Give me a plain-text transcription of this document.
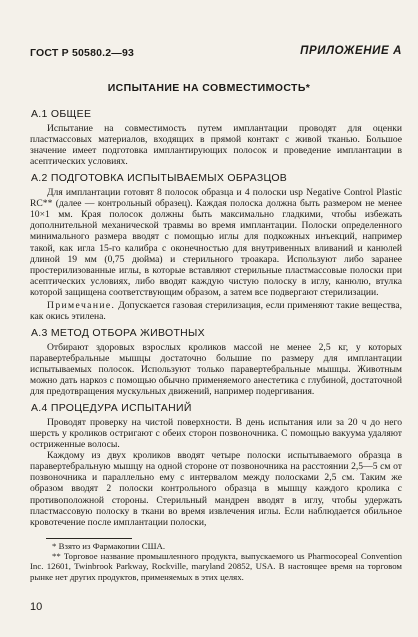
ГОСТ Р 50580.2—93	ПРИЛОЖЕНИЕ А
ИСПЫТАНИЕ НА СОВМЕСТИМОСТЬ*
А.1 ОБЩЕЕ

Испытание на совместимость путем имплантации проводят для оценки пластмассовых материалов, входящих в прямой контакт с живой тканью. Большое значение имеет подготовка имплантирующих полосок и проведение имплантации в асептических условиях.

А.2 ПОДГОТОВКА ИСПЫТЫВАЕМЫХ ОБРАЗЦОВ

Для имплантации готовят 8 полосок образца и 4 полоски usp Negative Control Plastic RC** (далее — контрольный образец). Каждая полоска должна быть размером не менее 10×1 мм. Края полосок должны быть максимально гладкими, чтобы избежать дополнительной механической травмы во время имплантации. Полоски определенного минимального размера вводят с помощью иглы для подкожных инъекций, например такой, как игла 15-го калибра с оконечностью для внутривенных вливаний и канюлей длиной 19 мм (0,75 дюйма) и стерильного троакара. Используют либо заранее простерилизованные иглы, в которые вставляют стерильные пластмассовые полоски при асептических условиях, либо вводят каждую чистую полоску в иглу, канюлю, втулка которой защищена соответствующим образом, а затем все подвергают стерилизации.

Примечание. Допускается газовая стерилизация, если применяют такие вещества, как окись этилена.

А.3 МЕТОД ОТБОРА ЖИВОТНЫХ

Отбирают здоровых взрослых кроликов массой не менее 2,5 кг, у которых паравертебральные мышцы достаточно большие по размеру для имплантации испытываемых полосок. Используют только паравертебральные мышцы. Животным можно дать наркоз с помощью обычно применяемого анестетика с глубиной, достаточной для предотвращения мускульных движений, например подергивания.

А.4 ПРОЦЕДУРА ИСПЫТАНИЙ

Проводят проверку на чистой поверхности. В день испытания или за 20 ч до него шерсть у кроликов остригают с обеих сторон позвоночника. С помощью вакуума удаляют остриженные волосы.

Каждому из двух кроликов вводят четыре полоски испытываемого образца в паравертебральную мышцу на одной стороне от позвоночника на расстоянии 2,5—5 см от позвоночника и параллельно ему с интервалом между полосками 2,5 см. Таким же образом вводят 2 полоски контрольного образца в мышцу каждого кролика с противоположной стороны. Стерильный мандрен вводят в иглу, чтобы удержать пластмассовую полоску в ткани во время извлечения иглы. Если наблюдается обильное кровотечение после имплантации полоски,

* Взято из Фармакопии США.

** Торговое название промышленного продукта, выпускаемого us Pharmocopeal Convention Inc. 12601, Twinbrook Parkway, Rockville, maryland 20852, USA. В настоящее время на торговом рынке нет других продуктов, применяемых в этих целях.

10
